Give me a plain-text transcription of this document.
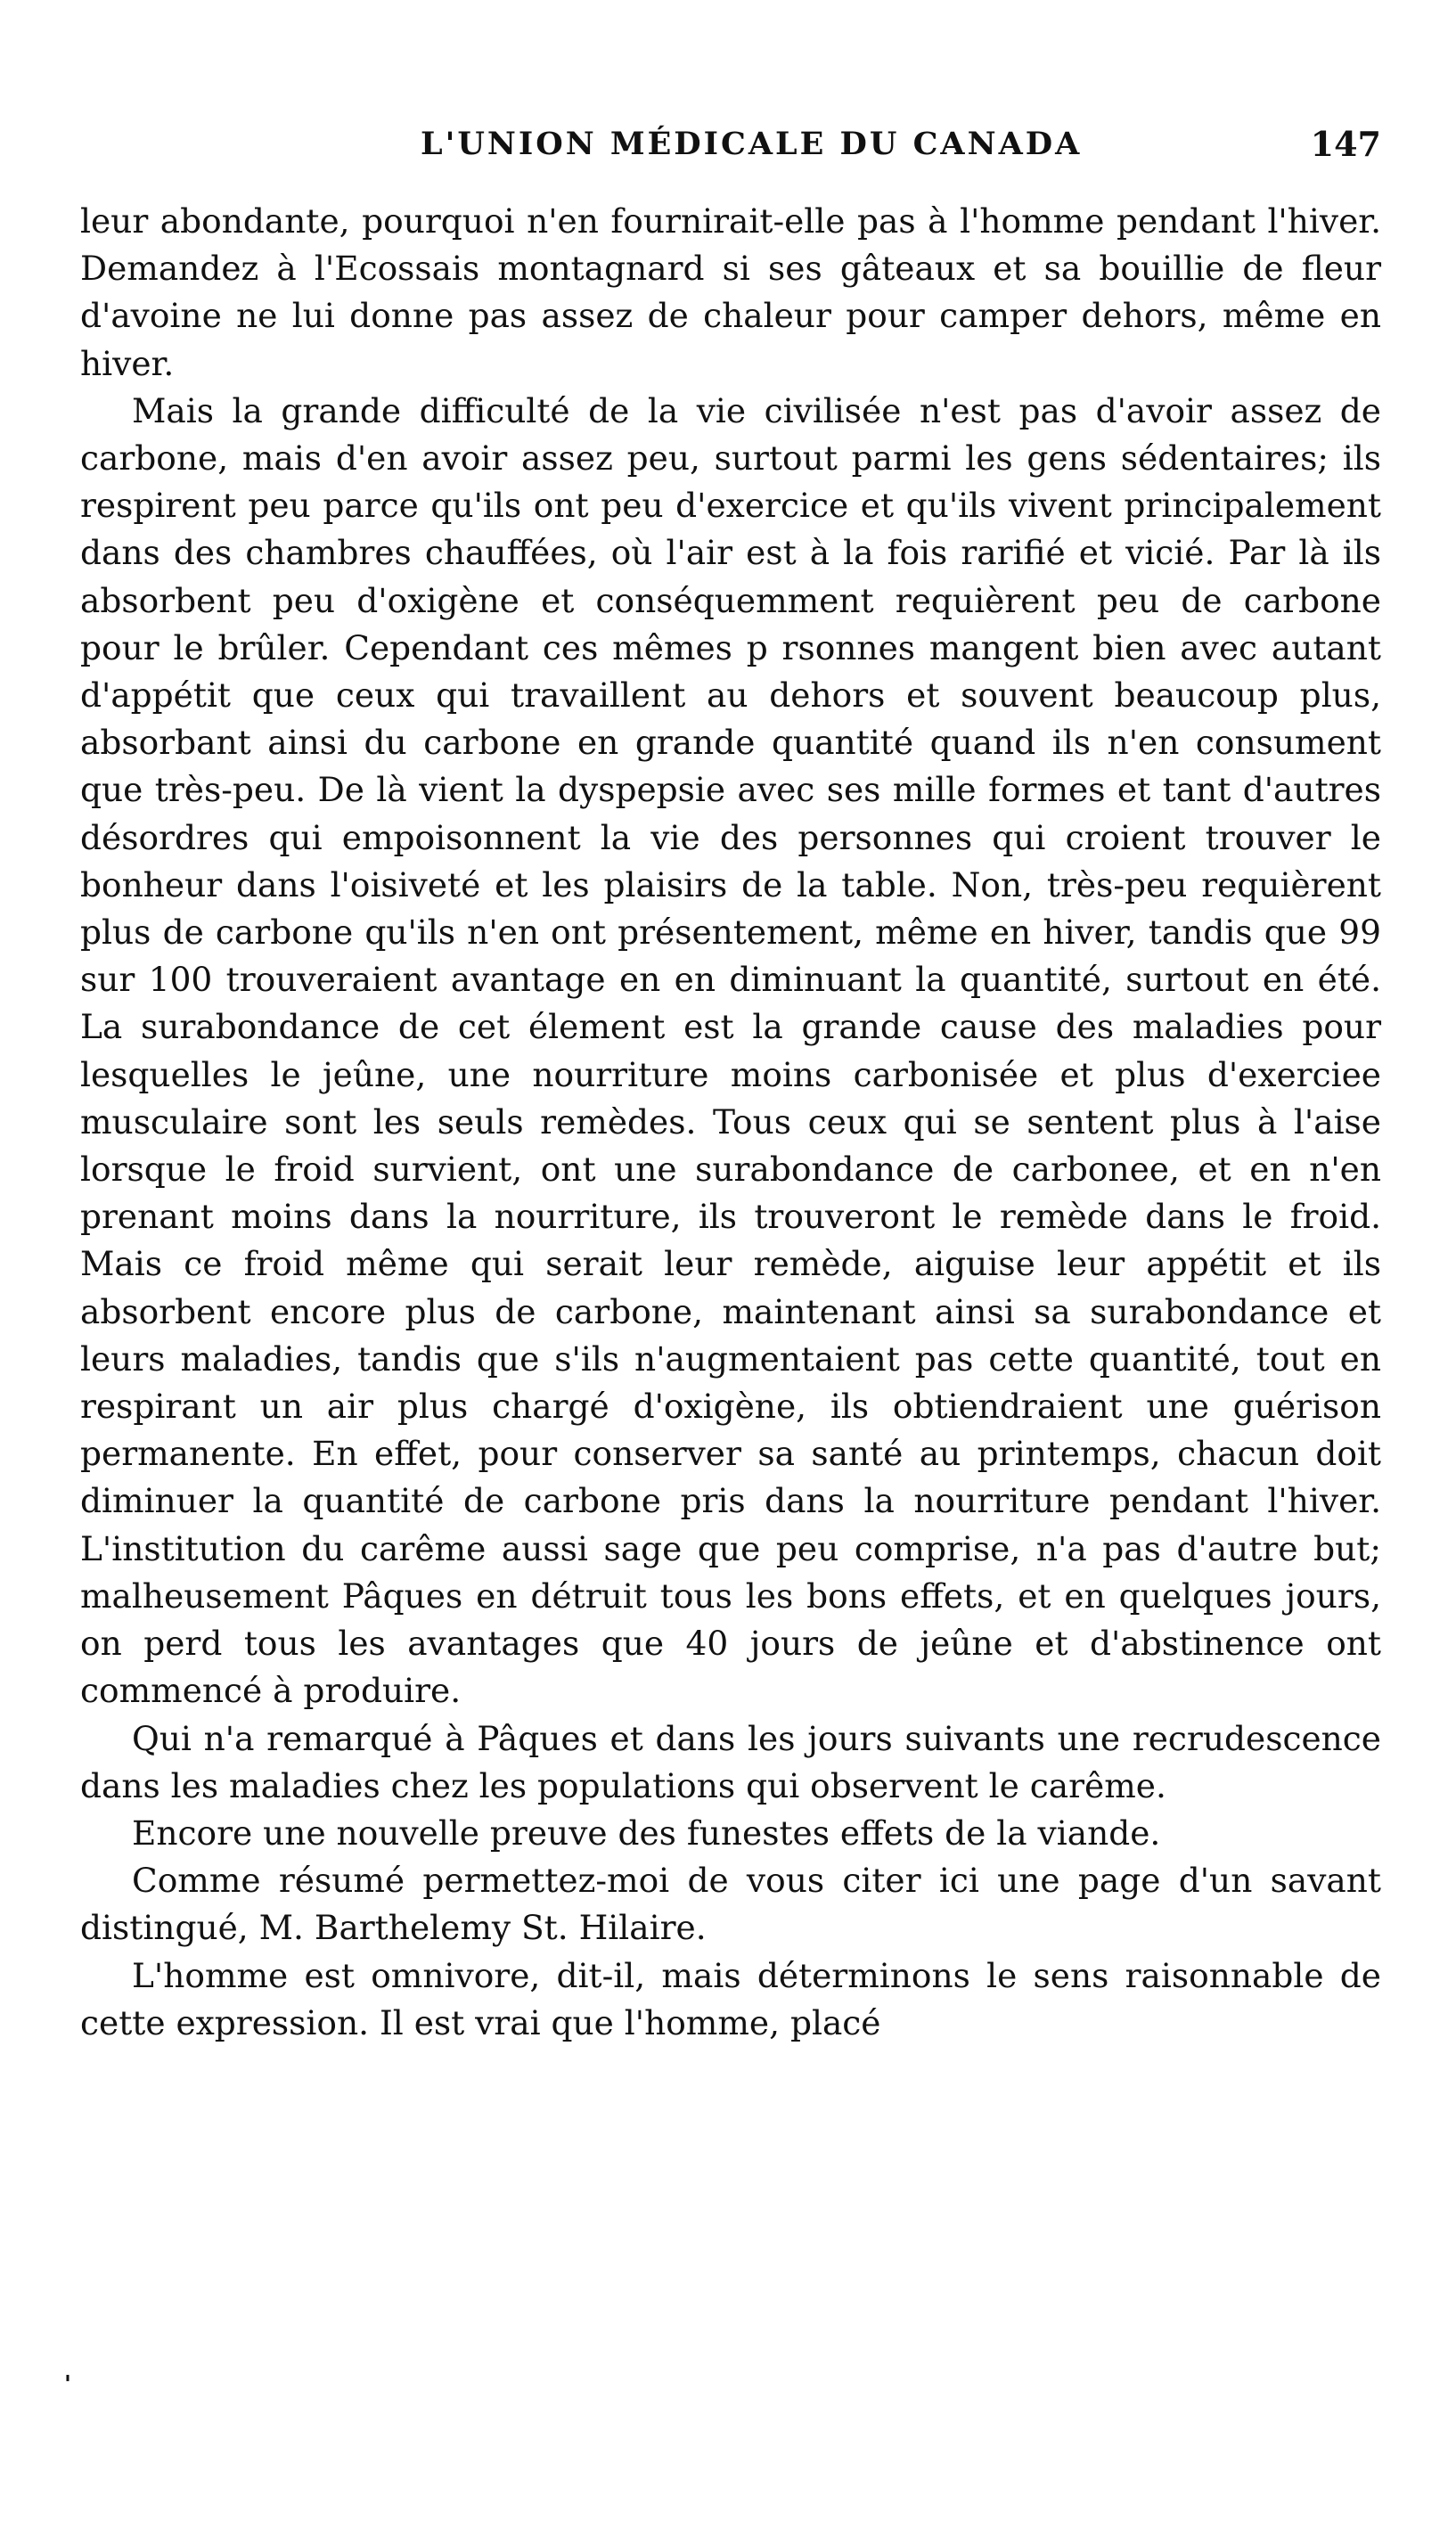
L'UNION MÉDICALE DU CANADA	147

leur abondante, pourquoi n'en fournirait-elle pas à l'homme pendant l'hiver. Demandez à l'Ecossais montagnard si ses gâteaux et sa bouillie de fleur d'avoine ne lui donne pas assez de chaleur pour camper dehors, même en hiver.

Mais la grande difficulté de la vie civilisée n'est pas d'avoir assez de carbone, mais d'en avoir assez peu, surtout parmi les gens sédentaires; ils respirent peu parce qu'ils ont peu d'exercice et qu'ils vivent principalement dans des chambres chauffées, où l'air est à la fois rarifié et vicié. Par là ils absorbent peu d'oxigène et conséquemment requièrent peu de carbone pour le brûler. Cependant ces mêmes p rsonnes mangent bien avec autant d'appétit que ceux qui travaillent au dehors et souvent beaucoup plus, absorbant ainsi du carbone en grande quantité quand ils n'en consument que très-peu. De là vient la dyspepsie avec ses mille formes et tant d'autres désordres qui empoisonnent la vie des personnes qui croient trouver le bonheur dans l'oisiveté et les plaisirs de la table. Non, très-peu requièrent plus de carbone qu'ils n'en ont présentement, même en hiver, tandis que 99 sur 100 trouveraient avantage en en diminuant la quantité, surtout en été. La surabondance de cet élement est la grande cause des maladies pour lesquelles le jeûne, une nourriture moins carbonisée et plus d'exerciee musculaire sont les seuls remèdes. Tous ceux qui se sentent plus à l'aise lorsque le froid survient, ont une surabondance de carbonee, et en n'en prenant moins dans la nourriture, ils trouveront le remède dans le froid. Mais ce froid même qui serait leur remède, aiguise leur appétit et ils absorbent encore plus de carbone, maintenant ainsi sa surabondance et leurs maladies, tandis que s'ils n'augmentaient pas cette quantité, tout en respirant un air plus chargé d'oxigène, ils obtiendraient une guérison permanente. En effet, pour conserver sa santé au printemps, chacun doit diminuer la quantité de carbone pris dans la nourriture pendant l'hiver. L'institution du carême aussi sage que peu comprise, n'a pas d'autre but; malheusement Pâques en détruit tous les bons effets, et en quelques jours, on perd tous les avantages que 40 jours de jeûne et d'abstinence ont commencé à produire.

Qui n'a remarqué à Pâques et dans les jours suivants une recrudescence dans les maladies chez les populations qui observent le carême.

Encore une nouvelle preuve des funestes effets de la viande.

Comme résumé permettez-moi de vous citer ici une page d'un savant distingué, M. Barthelemy St. Hilaire.

L'homme est omnivore, dit-il, mais déterminons le sens raisonnable de cette expression. Il est vrai que l'homme, placé

'
